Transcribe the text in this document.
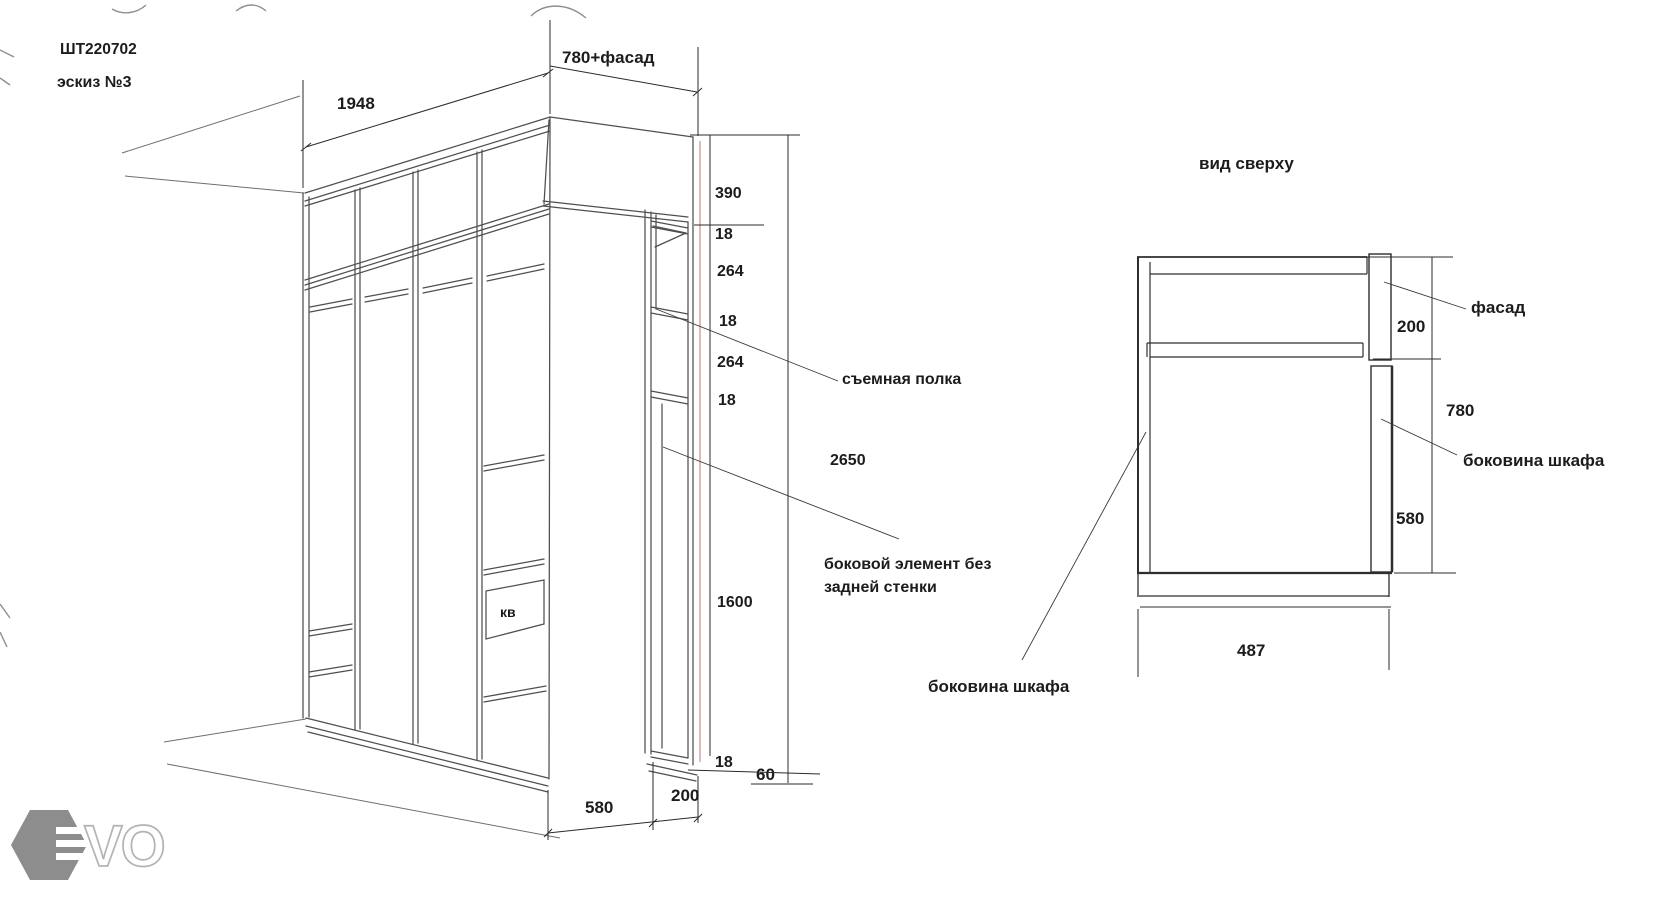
ШТ220702
эскиз №3
кв
1948
780+фасад
390
18
264
18
264
18
2650
1600
18
60
580
200
съемная полка
боковой элемент без
задней стенки
боковина шкафа
вид сверху
200
780
580
487
фасад
боковина шкафа
VO
